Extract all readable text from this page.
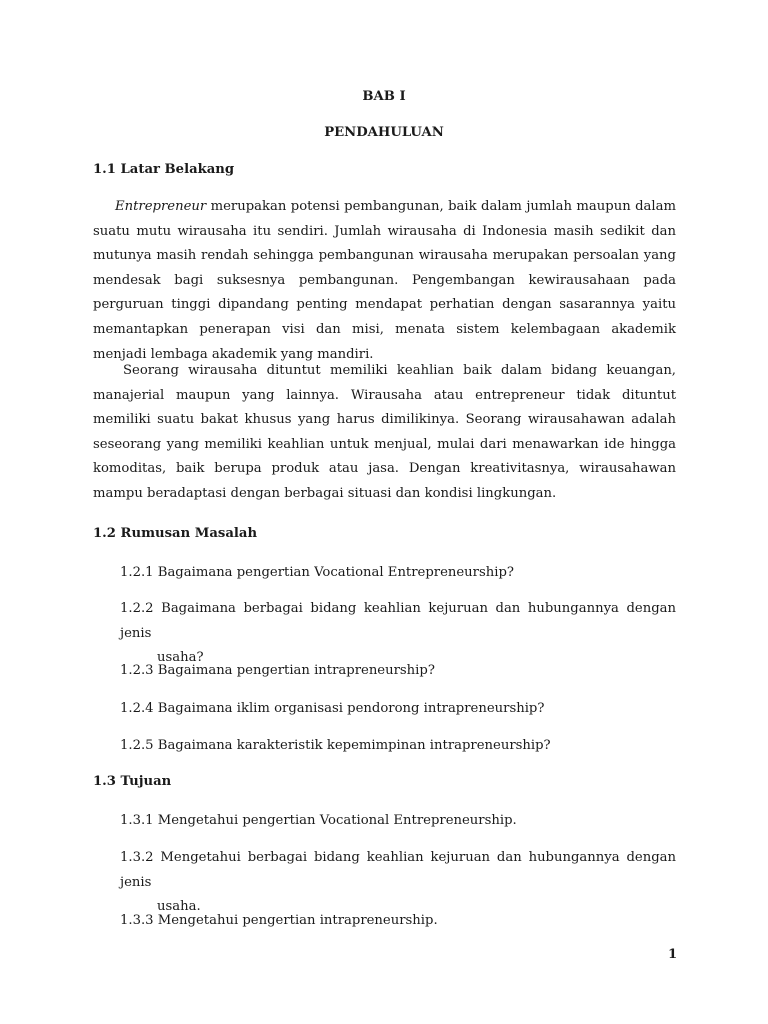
BAB I
PENDAHULUAN
1.1 Latar Belakang

Entrepreneur merupakan potensi pembangunan, baik dalam jumlah maupun dalam suatu mutu wirausaha itu sendiri. Jumlah wirausaha di Indonesia masih sedikit dan mutunya masih rendah sehingga pembangunan wirausaha merupakan persoalan yang mendesak bagi suksesnya pembangunan. Pengembangan kewirausahaan pada perguruan tinggi dipandang penting mendapat perhatian dengan sasarannya yaitu memantapkan penerapan visi dan misi, menata sistem kelembagaan akademik menjadi lembaga akademik yang mandiri.

Seorang wirausaha dituntut memiliki keahlian baik dalam bidang keuangan, manajerial maupun yang lainnya. Wirausaha atau entrepreneur tidak dituntut memiliki suatu bakat khusus yang harus dimilikinya. Seorang wirausahawan adalah seseorang yang memiliki keahlian untuk menjual, mulai dari menawarkan ide hingga komoditas, baik berupa produk atau jasa. Dengan kreativitasnya, wirausahawan mampu beradaptasi dengan berbagai situasi dan kondisi lingkungan.

1.2 Rumusan Masalah
1.2.1 Bagaimana pengertian Vocational Entrepreneurship?
1.2.2 Bagaimana berbagai bidang keahlian kejuruan dan hubungannya dengan jenis
usaha?
1.2.3 Bagaimana pengertian intrapreneurship?
1.2.4 Bagaimana iklim organisasi pendorong intrapreneurship?
1.2.5 Bagaimana karakteristik kepemimpinan intrapreneurship?
1.3 Tujuan
1.3.1 Mengetahui pengertian Vocational Entrepreneurship.
1.3.2 Mengetahui berbagai bidang keahlian kejuruan dan hubungannya dengan jenis
usaha.
1.3.3 Mengetahui pengertian intrapreneurship.
1
